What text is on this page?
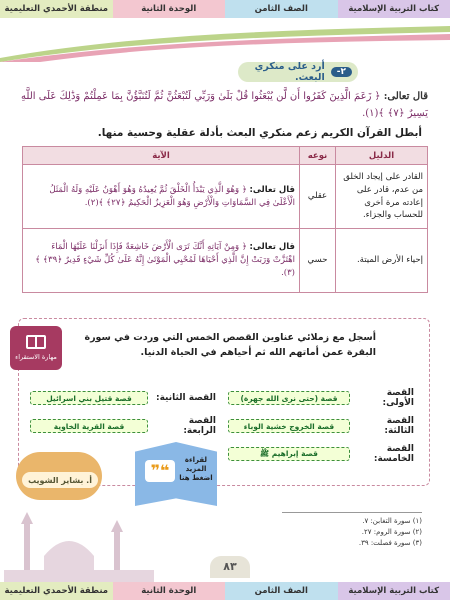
كتاب التربية الإسلامية
الصف الثامن
الوحدة الثانية
منطقة الأحمدي التعليمية
٢-
أرد على منكري البعث.
قال تعالى: ﴿ زَعَمَ الَّذِينَ كَفَرُوا أَن لَّن يُبْعَثُوا قُلْ بَلَىٰ وَرَبِّي لَتُبْعَثُنَّ ثُمَّ لَتُنَبَّؤُنَّ بِمَا عَمِلْتُمْ وَذَٰلِكَ عَلَى اللَّهِ يَسِيرٌ ﴿٧﴾ ﴾(١).
أبطل القرآن الكريم زعم منكري البعث بأدلة عقلية وحسية منها.
الدليل	نوعه	الآية
القادر على إيجاد الخلق من عدم، قادر على إعادته مرة أخرى للحساب والجزاء.	عقلي	قال تعالى: ﴿ وَهُوَ الَّذِي يَبْدَأُ الْخَلْقَ ثُمَّ يُعِيدُهُ وَهُوَ أَهْوَنُ عَلَيْهِ وَلَهُ الْمَثَلُ الْأَعْلَىٰ فِي السَّمَاوَاتِ وَالْأَرْضِ وَهُوَ الْعَزِيزُ الْحَكِيمُ ﴿٢٧﴾ ﴾(٢).
إحياء الأرض الميتة.	حسي	قال تعالى: ﴿ وَمِنْ آيَاتِهِ أَنَّكَ تَرَى الْأَرْضَ خَاشِعَةً فَإِذَا أَنزَلْنَا عَلَيْهَا الْمَاءَ اهْتَزَّتْ وَرَبَتْ إِنَّ الَّذِي أَحْيَاهَا لَمُحْيِي الْمَوْتَىٰ إِنَّهُ عَلَىٰ كُلِّ شَيْءٍ قَدِيرٌ ﴿٣٩﴾ ﴾(٣).
أسجل مع زملائي عناوين القصص الخمس التي وردت في سورة البقرة عمن أماتهم الله ثم أحياهم في الحياة الدنيا.
مهارة الاستقراء
القصة الأولى:
قصة (حتى نرى الله جهرة)
القصة الثانية:
قصة قتيل بني اسرائيل
القصة الثالثة:
قصة الخروج خشية الوباء
القصة الرابعة:
قصة القرية الخاوية
القصة الخامسة:
قصة إبراهيم ﷺ
أ. بشاير الشويب	❝❞
لقراءة المزيد اضغط هنا
(١) سورة التغابن: ٧.
(٢) سورة الروم: ٢٧.
(٣) سورة فصلت: ٣٩.
٨٣
كتاب التربية الإسلامية
الصف الثامن
الوحدة الثانية
منطقة الأحمدي التعليمية
